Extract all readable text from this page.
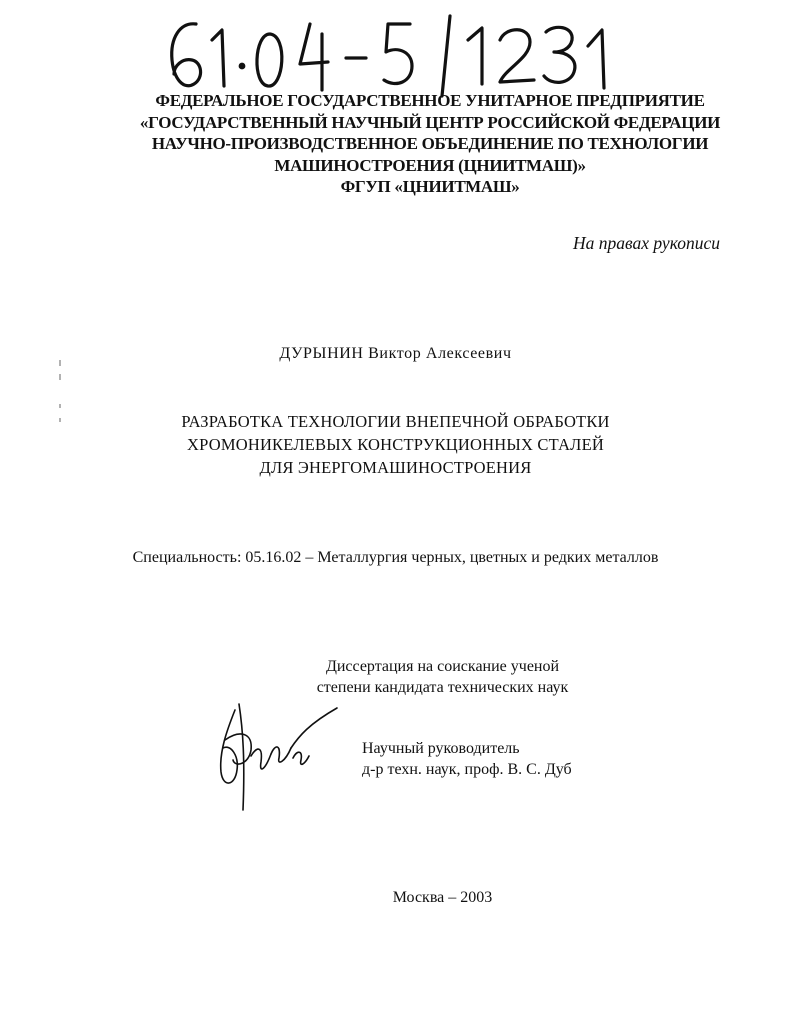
ФЕДЕРАЛЬНОЕ ГОСУДАРСТВЕННОЕ УНИТАРНОЕ ПРЕДПРИЯТИЕ
«ГОСУДАРСТВЕННЫЙ НАУЧНЫЙ ЦЕНТР РОССИЙСКОЙ ФЕДЕРАЦИИ
НАУЧНО-ПРОИЗВОДСТВЕННОЕ ОБЪЕДИНЕНИЕ ПО ТЕХНОЛОГИИ
МАШИНОСТРОЕНИЯ (ЦНИИТМАШ)»
ФГУП «ЦНИИТМАШ»
На правах рукописи
ДУРЫНИН Виктор Алексеевич
РАЗРАБОТКА ТЕХНОЛОГИИ ВНЕПЕЧНОЙ ОБРАБОТКИ
ХРОМОНИКЕЛЕВЫХ КОНСТРУКЦИОННЫХ СТАЛЕЙ
ДЛЯ ЭНЕРГОМАШИНОСТРОЕНИЯ
Специальность: 05.16.02 – Металлургия черных, цветных и редких металлов
Диссертация на соискание ученой
степени кандидата технических наук
Научный руководитель
д-р техн. наук, проф. В. С. Дуб
Москва – 2003
